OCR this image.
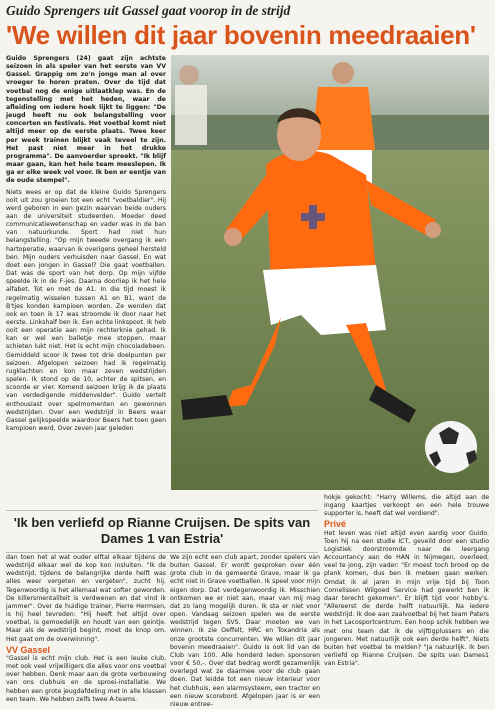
Guido Sprengers uit Gassel gaat voorop in de strijd
'We willen dit jaar bovenin meedraaien'

Guido Sprengers (24) gaat zijn achtste seizoen in als speler van het eerste van VV Gassel. Grappig om zo'n jonge man al over vroeger te horen praten. Over de tijd dat voetbal nog de enige uitlaatklep was. En de tegenstelling met het heden, waar de afleiding om iedere hoek lijkt te liggen: "De jeugd heeft nu ook belangstelling voor concerten en festivals. Het voetbal komt niet altijd meer op de eerste plaats. Twee keer per week trainen blijkt vaak teveel te zijn. Het past niet meer in het drukke programma". De aanvoerder spreekt. "Ik blijf maar gaan, kan het hele team meeslepen. Ik ga er elke week vol voor. Ik ben er eentje van de oude stempel".

Niets wees er op dat de kleine Guido Sprengers ooit uit zou groeien tot een echt "voetbaldier". Hij werd geboren in een gezin waarvan beide ouders aan de universiteit studeerden. Moeder deed communicatiewetenschap en vader was in de ban van natuurkunde. Sport had niet hun belangstelling. "Op mijn tweede overgang ik een hartoperatie, waarvan ik overigens geheel hersteld ben. Mijn ouders verhuisden naar Gassel. En wat doet een jongen in Gassel? Die gaat voetballen. Dat was de sport van het dorp. Op mijn vijfde speelde ik in de F-jes. Daarna doorliep ik het hele alfabet. Tot en met de A1. In die tijd moest ik regelmatig wisselen tussen A1 en B1, want de B'tjes konden kampioen worden. Ze wenden dat ook en toen ik 17 was stroomde ik door naar het eerste. Linkshalf ben ik. Een echte linkspoot. Ik heb ooit een operatie aan mijn rechterknie gehad. Ik kan er wel een balletje mee stoppen, maar schieten lukt niet. Het is echt mijn chocoladebeen. Gemiddeld scoor ik twee tot drie doelpunten per seizoen. Afgelopen seizoen had ik regelmatig rugklachten en kon maar zeven wedstrijden spelen. Ik stond op de 10, achter de spitsen, en scoorde er vier. Komend seizoen krijg ik de plaats van verdedigende middenvelder". Guido vertelt enthousiast over spelmomenten en gewonnen wedstrijden. Over een wedstrijd in Beers waar Gassel gelijkspeelde waardoor Beers het toen geen kampioen werd. Over zeven jaar geleden

'Ik ben verliefd op Rianne Cruijsen. De spits van Dames 1 van Estria'

dan toen het al wat ouder elftal elkaar tijdens de wedstrijd elkaar wel de kop kon insluiten. "Ik de wedstrijd, tijdens de belangrijke derde helft was alles weer vergeten en vergeten", zucht hij. Tegenwoordig is het allemaal wat softer geworden. De killersmentaliteit is verdwenen en dat vind ik jammer". Over de huidige trainer, Pierre Hermsen, is hij heel tevreden: "Hij heeft het altijd over voetbal, is gemoedelijk en houdt van een geintje. Maar als de wedstrijd begint, moet de knop om. Het gaat om de overwinning".

VV Gassel

"Gassel is echt mijn club. Het is een leuke club, met ook veel vrijwilligers die alles voor ons voetbal over hebben. Denk maar aan de grote verbouwing van ons clubhuis en de sproei-installatie. We hebben een grote jeugdafdeling met in alle klassen een team. We hebben zelfs twee A-teams.

We zijn echt een club apart, zonder spelers van buiten Gassel. Er wordt gesproken over één grote club in de gemeente Grave, maar ik ga echt niet in Grave voetballen. Ik speel voor mijn eigen dorp. Dat verdegenwoordig ik. Misschien ontkomen we er niet aan, maar van mij mag dat zo lang mogelijk duren. Ik sta er niet voor open. Vandaag seizoen spelen we de eerste wedstrijd tegen SVS. Daar moeten we van winnen. Ik zie Oeffelt, HRC en Toxandria als onze grootste concurrenten. We willen dit jaar bovenin meedraaien". Guido is ook lid van de Club van 100. Alle honderd leden sponsoren voor € 50,-. Over dat bedrag wordt gezamenlijk overlegd wat ze daarmee voor de club gaan doen. Dat leidde tot een nieuw interieur voor het clubhuis, een alarmsysteem, een tractor en een nieuw scorebord. Afgelopen jaar is er een nieuw entree-

hokje gekocht: "Harry Willems, die altijd aan de ingang kaartjes verkoopt en een hele trouwe supporter is, heeft dat wel verdiend".

Privé

Het leven was niet altijd even aardig voor Guido. Toen hij na een studie ICT, geveild door een studio Logistiek doorstroomde naar de leergang Accountancy aan de HAN in Nijmegen, overleed, veel te jong, zijn vader: "Er moest toch brood op de plank komen, dus ben ik meteen gaan werken. Omdat ik al jaren in mijn vrije tijd bij Toon Cornelissen Wilgoed Service had gewerkt ben ik daar terecht gekomen". Er blijft tijd voor hobby's. "Allereerst de derde helft natuurlijk. Na iedere wedstrijd. Ik doe aan zaalvoetbal bij het team Paters in het Lacosportcentrum. Een hoop schik hebben we met ons team dat ik de vijftigplussers en die jongeren. Met natuurlijk ook een derde helft". Niets buiten het voetbal te melden? "Ja natuurlijk. Ik ben verliefd op Rianne Cruijsen. De spits van Dames1 van Estria".
